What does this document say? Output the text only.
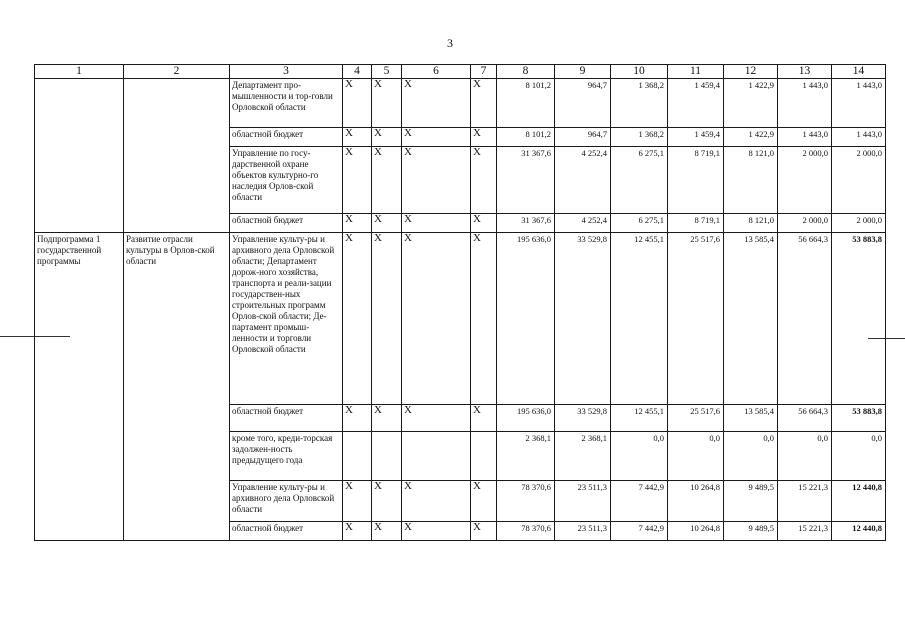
3
1	2	3	4	5	6	7	8	9	10	11	12	13	14
		Департамент про-мышленности и тор-говли Орловской области	X	X	X	X	8 101,2	964,7	1 368,2	1 459,4	1 422,9	1 443,0	1 443,0
		областной бюджет	X	X	X	X	8 101,2	964,7	1 368,2	1 459,4	1 422,9	1 443,0	1 443,0
		Управление по госу-дарственной охране объектов культурно-го наследия Орлов-ской области	X	X	X	X	31 367,6	4 252,4	6 275,1	8 719,1	8 121,0	2 000,0	2 000,0
		областной бюджет	X	X	X	X	31 367,6	4 252,4	6 275,1	8 719,1	8 121,0	2 000,0	2 000,0
Подпрограмма 1 государственной программы	Развитие отрасли культуры в Орлов-ской области	Управление культу-ры и архивного дела Орловской области; Департамент дорож-ного хозяйства, транспорта и реали-зации государствен-ных строительных программ Орлов-ской области; Де-партамент промыш-ленности и торговли Орловской области	X	X	X	X	195 636,0	33 529,8	12 455,1	25 517,6	13 585,4	56 664,3	53 883,8
		областной бюджет	X	X	X	X	195 636,0	33 529,8	12 455,1	25 517,6	13 585,4	56 664,3	53 883,8
		кроме того, креди-торская задолжен-ность предыдущего года					2 368,1	2 368,1	0,0	0,0	0,0	0,0	0,0
		Управление культу-ры и архивного дела Орловской области	X	X	X	X	78 370,6	23 511,3	7 442,9	10 264,8	9 489,5	15 221,3	12 440,8
		областной бюджет	X	X	X	X	78 370,6	23 511,3	7 442,9	10 264,8	9 489,5	15 221,3	12 440,8
